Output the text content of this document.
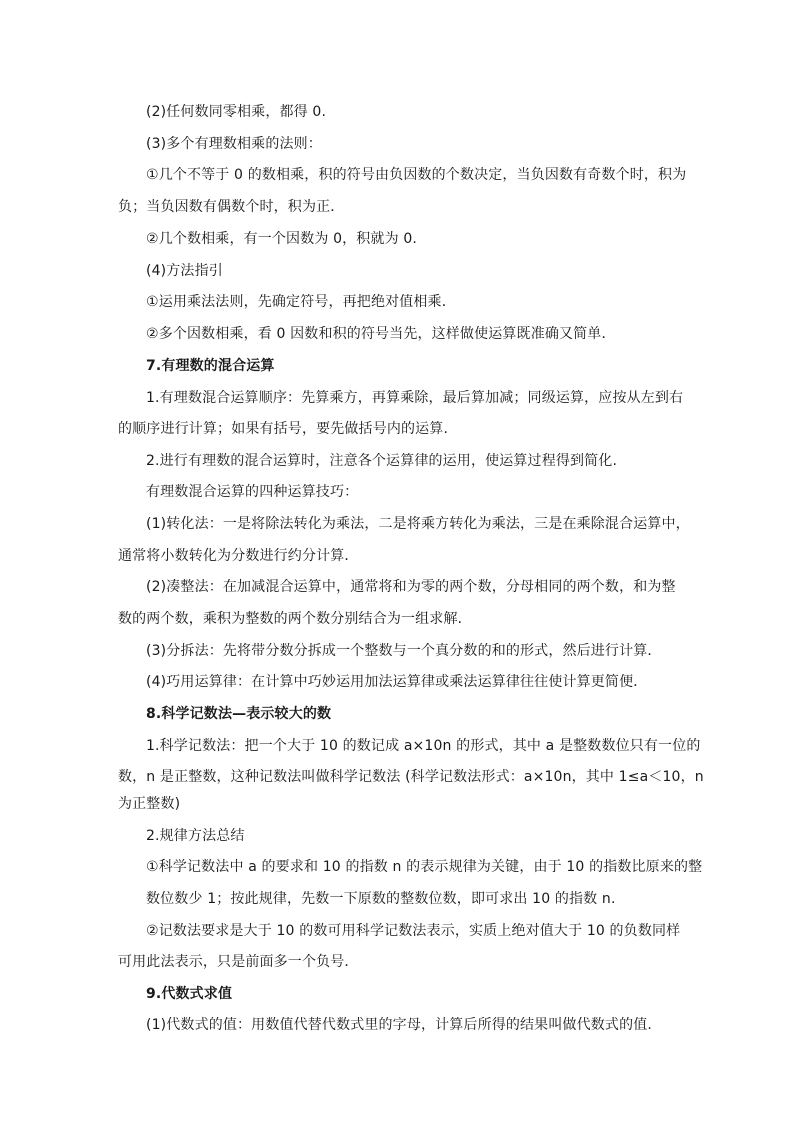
(2)任何数同零相乘，都得 0.
(3)多个有理数相乘的法则：
①几个不等于 0 的数相乘，积的符号由负因数的个数决定，当负因数有奇数个时，积为
负；当负因数有偶数个时，积为正．
②几个数相乘，有一个因数为 0，积就为 0.
(4)方法指引
①运用乘法法则，先确定符号，再把绝对值相乘．
②多个因数相乘，看 0 因数和积的符号当先，这样做使运算既准确又简单．
7.有理数的混合运算
1.有理数混合运算顺序：先算乘方，再算乘除，最后算加减；同级运算，应按从左到右
的顺序进行计算；如果有括号，要先做括号内的运算.
2.进行有理数的混合运算时，注意各个运算律的运用，使运算过程得到简化.
有理数混合运算的四种运算技巧：
(1)转化法：一是将除法转化为乘法，二是将乘方转化为乘法，三是在乘除混合运算中，
通常将小数转化为分数进行约分计算．
(2)凑整法：在加减混合运算中，通常将和为零的两个数，分母相同的两个数，和为整
数的两个数，乘积为整数的两个数分别结合为一组求解．
(3)分拆法：先将带分数分拆成一个整数与一个真分数的和的形式，然后进行计算．
(4)巧用运算律：在计算中巧妙运用加法运算律或乘法运算律往往使计算更简便．
8.科学记数法—表示较大的数
1.科学记数法：把一个大于 10 的数记成 a×10n 的形式，其中 a 是整数数位只有一位的
数，n 是正整数，这种记数法叫做科学记数法 (科学记数法形式：a×10n，其中 1≤a＜10，n
为正整数)
2.规律方法总结
①科学记数法中 a 的要求和 10 的指数 n 的表示规律为关键，由于 10 的指数比原来的整
数位数少 1；按此规律，先数一下原数的整数位数，即可求出 10 的指数 n.
②记数法要求是大于 10 的数可用科学记数法表示，实质上绝对值大于 10 的负数同样
可用此法表示，只是前面多一个负号．
9.代数式求值
(1)代数式的值：用数值代替代数式里的字母，计算后所得的结果叫做代数式的值.
